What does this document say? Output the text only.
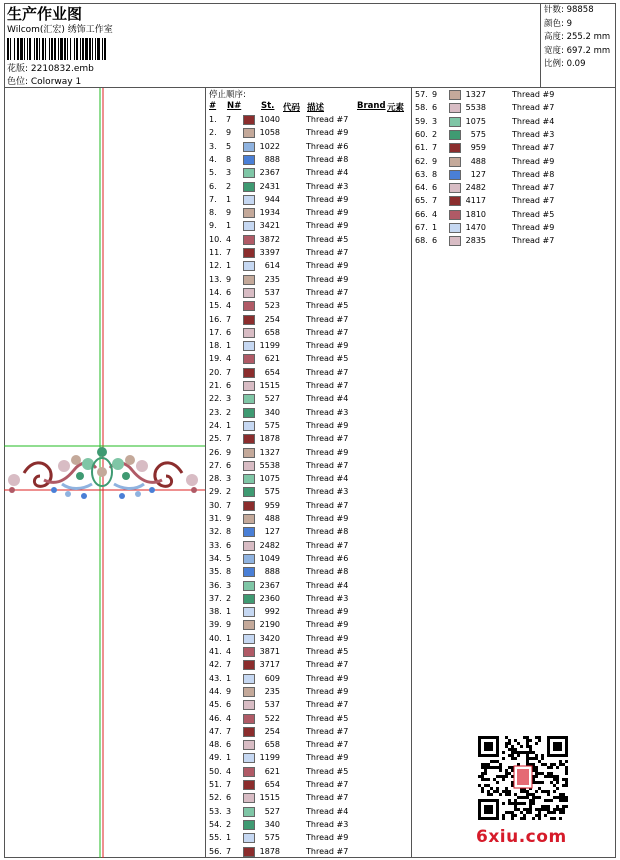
生产作业图
Wilcom(汇宏) 绣饰工作室
花版: 2210832.emb
色位: Colorway 1
针数: 98858
颜色: 9
高度: 255.2 mm
宽度: 697.2 mm
比例: 0.09
停止顺序:
# N# St. 代码 描述	Brand 元素
1. 7	1040	Thread #7
2. 9	1058	Thread #9
3. 5	1022	Thread #6
4. 8	888	Thread #8
5. 3	2367	Thread #4
6. 2	2431	Thread #3
7. 1	944	Thread #9
8. 9	1934	Thread #9
9. 1	3421	Thread #9
10. 4	3872	Thread #5
11. 7	3397	Thread #7
12. 1	614	Thread #9
13. 9	235	Thread #9
14. 6	537	Thread #7
15. 4	523	Thread #5
16. 7	254	Thread #7
17. 6	658	Thread #7
18. 1	1199	Thread #9
19. 4	621	Thread #5
20. 7	654	Thread #7
21. 6	1515	Thread #7
22. 3	527	Thread #4
23. 2	340	Thread #3
24. 1	575	Thread #9
25. 7	1878	Thread #7
26. 9	1327	Thread #9
27. 6	5538	Thread #7
28. 3	1075	Thread #4
29. 2	575	Thread #3
30. 7	959	Thread #7
31. 9	488	Thread #9
32. 8	127	Thread #8
33. 6	2482	Thread #7
34. 5	1049	Thread #6
35. 8	888	Thread #8
36. 3	2367	Thread #4
37. 2	2360	Thread #3
38. 1	992	Thread #9
39. 9	2190	Thread #9
40. 1	3420	Thread #9
41. 4	3871	Thread #5
42. 7	3717	Thread #7
43. 1	609	Thread #9
44. 9	235	Thread #9
45. 6	537	Thread #7
46. 4	522	Thread #5
47. 7	254	Thread #7
48. 6	658	Thread #7
49. 1	1199	Thread #9
50. 4	621	Thread #5
51. 7	654	Thread #7
52. 6	1515	Thread #7
53. 3	527	Thread #4
54. 2	340	Thread #3
55. 1	575	Thread #9
56. 7	1878	Thread #7
57. 9	1327	Thread #9
58. 6	5538	Thread #7
59. 3	1075	Thread #4
60. 2	575	Thread #3
61. 7	959	Thread #7
62. 9	488	Thread #9
63. 8	127	Thread #8
64. 6	2482	Thread #7
65. 7	4117	Thread #7
66. 4	1810	Thread #5
67. 1	1470	Thread #9
68. 6	2835	Thread #7
6xiu.com
